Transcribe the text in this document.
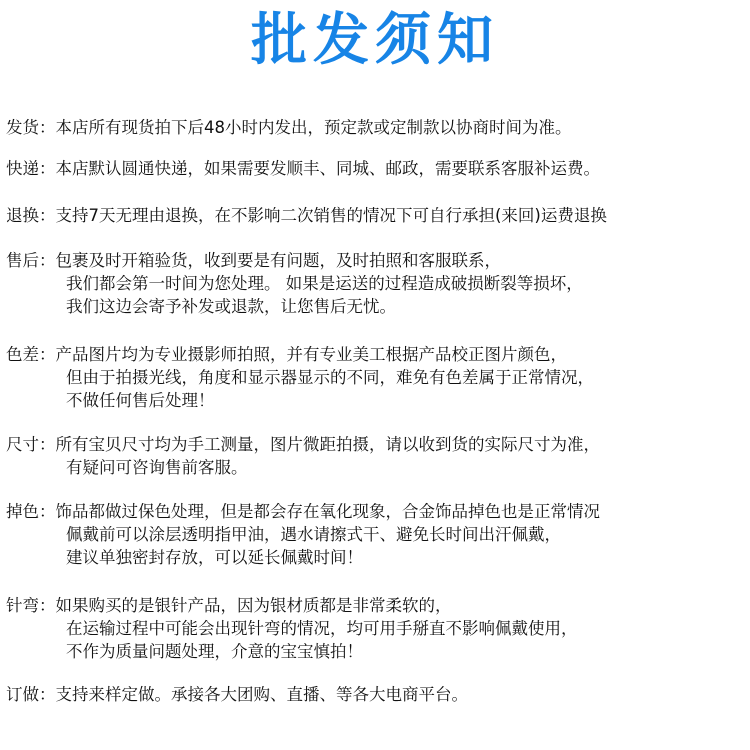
批发须知
发货：本店所有现货拍下后48小时内发出，预定款或定制款以协商时间为准。
快递：本店默认圆通快递，如果需要发顺丰、同城、邮政，需要联系客服补运费。
退换：支持7天无理由退换，在不影响二次销售的情况下可自行承担(来回)运费退换
售后：包裹及时开箱验货，收到要是有问题，及时拍照和客服联系，
我们都会第一时间为您处理。 如果是运送的过程造成破损断裂等损坏，
我们这边会寄予补发或退款，让您售后无忧。
色差：产品图片均为专业摄影师拍照，并有专业美工根据产品校正图片颜色，
但由于拍摄光线，角度和显示器显示的不同，难免有色差属于正常情况，
不做任何售后处理！
尺寸：所有宝贝尺寸均为手工测量，图片微距拍摄，请以收到货的实际尺寸为准，
有疑问可咨询售前客服。
掉色：饰品都做过保色处理，但是都会存在氧化现象，合金饰品掉色也是正常情况
佩戴前可以涂层透明指甲油，遇水请擦式干、避免长时间出汗佩戴，
建议单独密封存放，可以延长佩戴时间！
针弯：如果购买的是银针产品，因为银材质都是非常柔软的，
在运输过程中可能会出现针弯的情况，均可用手掰直不影响佩戴使用，
不作为质量问题处理，介意的宝宝慎拍！
订做：支持来样定做。承接各大团购、直播、等各大电商平台。
